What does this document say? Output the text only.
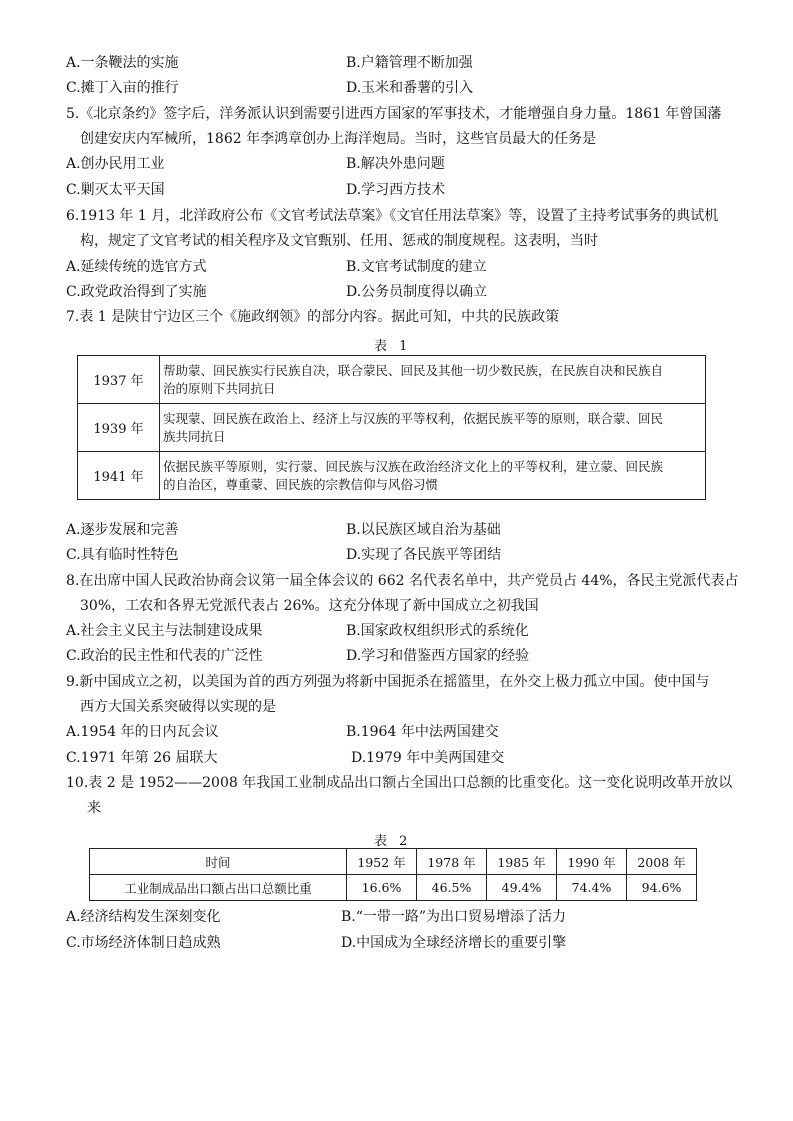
A.一条鞭法的实施	B.户籍管理不断加强
C.摊丁入亩的推行	D.玉米和番薯的引入
5.《北京条约》签字后，洋务派认识到需要引进西方国家的军事技术，才能增强自身力量。1861 年曾国藩
创建安庆内军械所，1862 年李鸿章创办上海洋炮局。当时，这些官员最大的任务是
A.创办民用工业	B.解决外患问题
C.剿灭太平天国	D.学习西方技术
6.1913 年 1 月，北洋政府公布《文官考试法草案》《文官任用法草案》等，设置了主持考试事务的典试机
构，规定了文官考试的相关程序及文官甄别、任用、惩戒的制度规程。这表明，当时
A.延续传统的选官方式	B.文官考试制度的建立
C.政党政治得到了实施	D.公务员制度得以确立
7.表 1 是陕甘宁边区三个《施政纲领》的部分内容。据此可知，中共的民族政策
表 1
1937 年	帮助蒙、回民族实行民族自决，联合蒙民、回民及其他一切少数民族，在民族自决和民族自
治的原则下共同抗日

1939 年	实现蒙、回民族在政治上、经济上与汉族的平等权利，依据民族平等的原则，联合蒙、回民
族共同抗日

1941 年	依据民族平等原则，实行蒙、回民族与汉族在政治经济文化上的平等权利，建立蒙、回民族
的自治区，尊重蒙、回民族的宗教信仰与风俗习惯
A.逐步发展和完善	B.以民族区域自治为基础
C.具有临时性特色	D.实现了各民族平等团结
8.在出席中国人民政治协商会议第一届全体会议的 662 名代表名单中，共产党员占 44%，各民主党派代表占
30%，工农和各界无党派代表占 26%。这充分体现了新中国成立之初我国
A.社会主义民主与法制建设成果	B.国家政权组织形式的系统化
C.政治的民主性和代表的广泛性	D.学习和借鉴西方国家的经验
9.新中国成立之初，以美国为首的西方列强为将新中国扼杀在摇篮里，在外交上极力孤立中国。使中国与
西方大国关系突破得以实现的是
A.1954 年的日内瓦会议	B.1964 年中法两国建交
C.1971 年第 26 届联大	D.1979 年中美两国建交
10.表 2 是 1952——2008 年我国工业制成品出口额占全国出口总额的比重变化。这一变化说明改革开放以
来
表 2
时间	1952 年	1978 年	1985 年	1990 年	2008 年
工业制成品出口额占出口总额比重	16.6%	46.5%	49.4%	74.4%	94.6%
A.经济结构发生深刻变化	B.“一带一路”为出口贸易增添了活力
C.市场经济体制日趋成熟	D.中国成为全球经济增长的重要引擎
